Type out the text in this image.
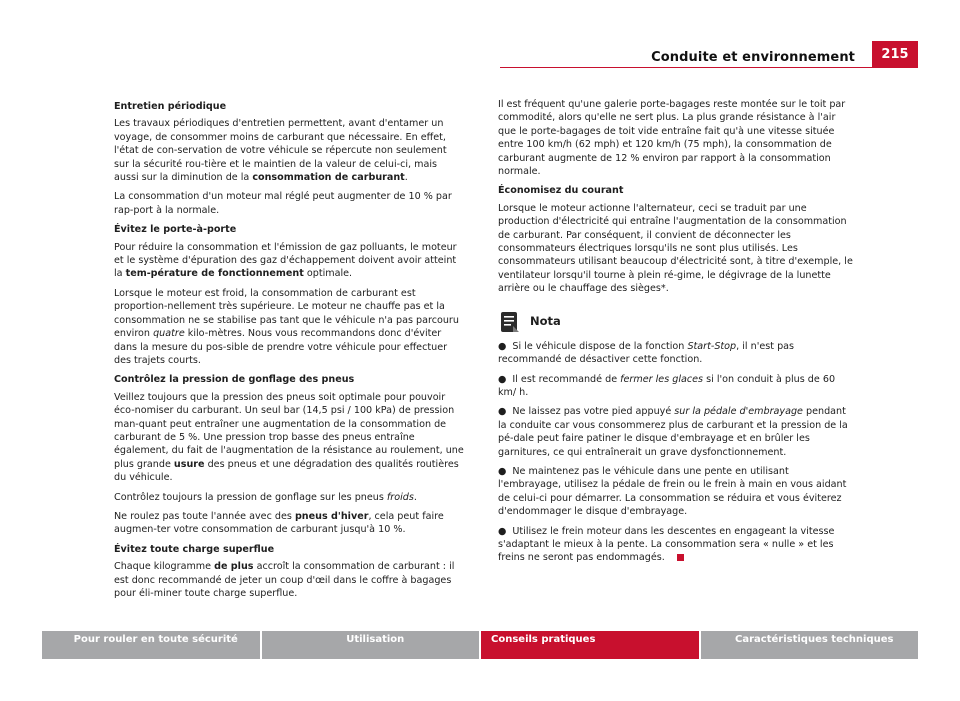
Conduite et environnement	215
Entretien périodique

Les travaux périodiques d'entretien permettent, avant d'entamer un voyage, de consommer moins de carburant que nécessaire. En effet, l'état de con-servation de votre véhicule se répercute non seulement sur la sécurité rou-tière et le maintien de la valeur de celui-ci, mais aussi sur la diminution de la consommation de carburant.

La consommation d'un moteur mal réglé peut augmenter de 10 % par rap-port à la normale.

Évitez le porte-à-porte

Pour réduire la consommation et l'émission de gaz polluants, le moteur et le système d'épuration des gaz d'échappement doivent avoir atteint la tem-pérature de fonctionnement optimale.

Lorsque le moteur est froid, la consommation de carburant est proportion-nellement très supérieure. Le moteur ne chauffe pas et la consommation ne se stabilise pas tant que le véhicule n'a pas parcouru environ quatre kilo-mètres. Nous vous recommandons donc d'éviter dans la mesure du pos-sible de prendre votre véhicule pour effectuer des trajets courts.

Contrôlez la pression de gonflage des pneus

Veillez toujours que la pression des pneus soit optimale pour pouvoir éco-nomiser du carburant. Un seul bar (14,5 psi / 100 kPa) de pression man-quant peut entraîner une augmentation de la consommation de carburant de 5 %. Une pression trop basse des pneus entraîne également, du fait de l'augmentation de la résistance au roulement, une plus grande usure des pneus et une dégradation des qualités routières du véhicule.

Contrôlez toujours la pression de gonflage sur les pneus froids.

Ne roulez pas toute l'année avec des pneus d'hiver, cela peut faire augmen-ter votre consommation de carburant jusqu'à 10 %.

Évitez toute charge superflue

Chaque kilogramme de plus accroît la consommation de carburant : il est donc recommandé de jeter un coup d'œil dans le coffre à bagages pour éli-miner toute charge superflue.

Il est fréquent qu'une galerie porte-bagages reste montée sur le toit par commodité, alors qu'elle ne sert plus. La plus grande résistance à l'air que le porte-bagages de toit vide entraîne fait qu'à une vitesse située entre 100 km/h (62 mph) et 120 km/h (75 mph), la consommation de carburant augmente de 12 % environ par rapport à la consommation normale.

Économisez du courant

Lorsque le moteur actionne l'alternateur, ceci se traduit par une production d'électricité qui entraîne l'augmentation de la consommation de carburant. Par conséquent, il convient de déconnecter les consommateurs électriques lorsqu'ils ne sont plus utilisés. Les consommateurs utilisant beaucoup d'électricité sont, à titre d'exemple, le ventilateur lorsqu'il tourne à plein ré-gime, le dégivrage de la lunette arrière ou le chauffage des sièges*.

Nota

● Si le véhicule dispose de la fonction Start-Stop, il n'est pas recommandé de désactiver cette fonction.

● Il est recommandé de fermer les glaces si l'on conduit à plus de 60 km/ h.

● Ne laissez pas votre pied appuyé sur la pédale d'embrayage pendant la conduite car vous consommerez plus de carburant et la pression de la pé-dale peut faire patiner le disque d'embrayage et en brûler les garnitures, ce qui entraînerait un grave dysfonctionnement.

● Ne maintenez pas le véhicule dans une pente en utilisant l'embrayage, utilisez la pédale de frein ou le frein à main en vous aidant de celui-ci pour démarrer. La consommation se réduira et vous éviterez d'endommager le disque d'embrayage.

● Utilisez le frein moteur dans les descentes en engageant la vitesse s'adaptant le mieux à la pente. La consommation sera « nulle » et les freins ne seront pas endommagés.

Pour rouler en toute sécurité	Utilisation	Conseils pratiques	Caractéristiques techniques
